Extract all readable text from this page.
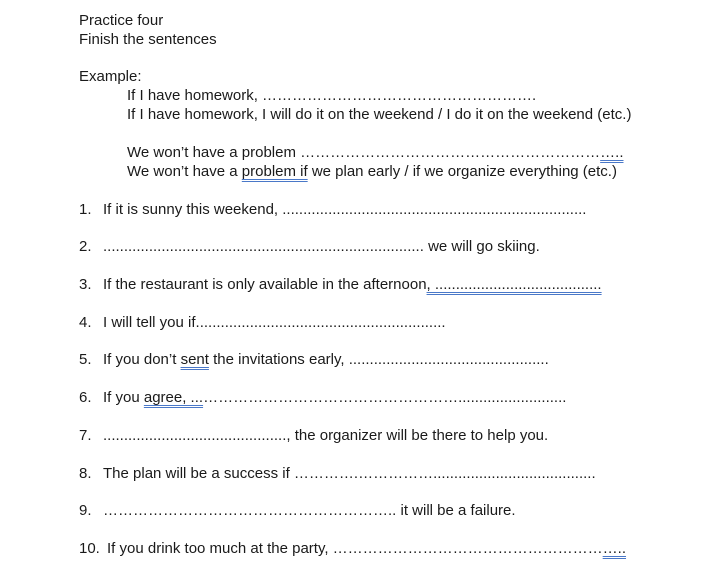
Practice four
Finish the sentences
Example:
If I have homework, ……………………………………………….
If I have homework, I will do it on the weekend / I do it on the weekend (etc.)
We won’t have a problem ………………………………………………………..
We won’t have a problem if we plan early / if we organize everything (etc.)
1. If it is sunny this weekend, .........................................................................
2. ............................................................................. we will go skiing.
3. If the restaurant is only available in the afternoon, ........................................
4. I will tell you if............................................................
5. If you don’t sent the invitations early, ................................................
6. If you agree, ...……………………………………………..........................
7. ............................................, the organizer will be there to help you.
8. The plan will be a success if ………….…………….......................................
9. ………………………………………………….. it will be a failure.
10. If you drink too much at the party, …………………………………………………..
